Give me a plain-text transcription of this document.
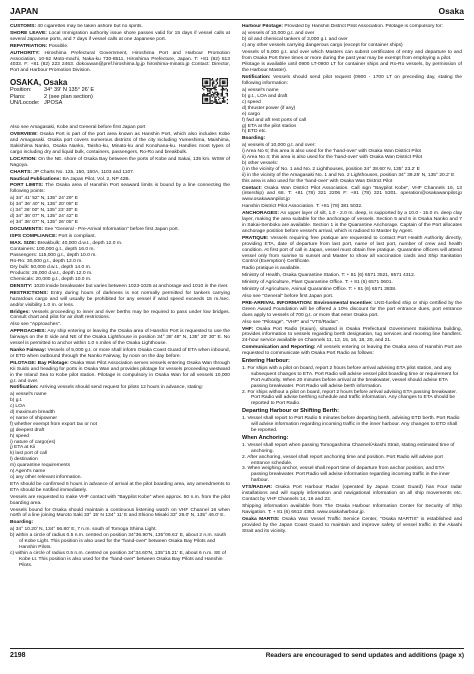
JAPAN	Osaka

CUSTOMS: 40 cigarettes may be taken ashore but no spirits.

SHORE LEAVE: Local Immigration authority issue shore passes valid for 15 days if vessel calls at several Japanese ports, and 7 days if vessel calls at one Japanese port.

REPATRIATION: Possible.

AUTHORITY: Hiroshima Prefectural Government, Hiroshima Port and Harbour Promotion Association, 10-52 Moto-machi, Naka-ku 730-8511, Hiroshima Prefecture, Japan. T: +81 (82) 513 4033. F: +81 (82) 223 2463. dokouwan@pref.hiroshima.lg.jp hiroshima-minato.jp Contact: Director, Port and Harbour Promotion Division.

OSAKA, Osaka
Position: 34° 39' N 135° 26' E
Plans:	2 (see plan section)
UN/Locode: JPOSA

Also see Amagasaki, Kobe and General before first Japan port

OVERVIEW: Osaka Port is part of the port area known as Hanshin Port, which also includes Kobe and Amagasaki. Osaka port covers numerous districts of the city including Yumeshima, Maishima, Sakishima Nanko, Osaka Nanko, Taisho-ku, Minato-ku and Konohana-ku. Handles most types of cargo including dry and liquid bulk, containers, passengers, Ro-Ro and breakbulk.

LOCATION: On the NE. shore of Osaka Bay between the ports of Kobe and Sakai, 135 km. WSW of Nagoya.

CHARTS: JP Charts No. 125, 150, 150A, 1103 and 1107.

Nautical Publications: BA Japan Pilot, Vol. 2, NP 42B.

PORT LIMITS: The Osaka area of Hanshin Port seaward limits is bound by a line connecting the following points:

a) 34° 41' 52" N, 135° 24' 29" E
b) 34° 36' 40" N, 135° 20' 08" E
c) 34° 36' 00" N, 135° 23' 30" E
d) 34° 36' 07" N, 135° 24' 42" E
e) 34° 36' 07" N, 135° 26' 05" E

DOCUMENTS: See "General - Pre-Arrival Information" before first Japan port.

ISPS COMPLIANCE: Port is compliant.

MAX. SIZE: Breakbulk: 40,000 d.w.t., depth 12.0 m.

Containers: 100,000 g.t., depth 16.0 m.
Passengers: 115,000 g.t., depth 10.0 m.
Ro-Ro: 30,000 g.t., depth 12.0 m.
Dry bulk: 50,000 d.w.t., depth 14.0 m.
Products: 26,000 d.w.t., depth 12.0 m.
Chemicals: 20,000 g.t., depth 10.0 m.

DENSITY: 1020 inside breakwater but varies between 1023-1025 at anchorage and 1010 in the river.

RESTRICTIONS: Entry during hours of darkness is not normally permitted for tankers carrying hazardous cargo and will usually be prohibited for any vessel if wind speed exceeds 15 m./sec. and/or visibility 1.0 m. or less.

Bridges: Vessels proceeding to inner and river berths may be required to pass under low bridges. Consult chart and pilot for air draft restrictions.

Also see "Approaches".

APPROACHES: Any ship entering or leaving the Osaka area of Hanshin Port is requested to use the fairways on the E side and NE of the Osaka Lighthouse in position 34° 38' 48" N, 135° 20' 30" E. No vessel is permitted to anchor within 1.0 n.miles of the Osaka Lighthouse.

Nanko Fairway: Vessels of 5,000 g.t. or more shall inform Osaka Coast Guard of ETA when inbound, or ETD when outbound through the Nanko Fairway, by noon on the day before.

PILOTAGE: Bay Pilotage: Osaka Wan Pilot Association serves vessels entering Osaka Wan through Kii Suido and heading for ports in Osaka Wan and provides pilotage for vessels proceeding westward in the Inland Sea to Kobe pilot station. Pilotage is compulsory in Osaka Wan for all vessels 10,000 g.t. and over.

Notification: Arriving vessels should send request for pilots 12 hours in advance, stating:

a) vessel's name
b) g.t.
c) LOA
d) maximum breadth
e) name of shipowner
f) whether exempt from export tax or not
g) deepest draft
h) speed
i) nature of cargo(es)
j) ETA at Kii
k) last port of call
l) destination
m) quarantine requirements
n) Agent's name
o) any other relevant information.

ETA should be confirmed 6 hours in advance of arrival at the pilot boarding area, any amendments to ETA should be notified immediately.

Vessels are requested to make VHF contact with "Baypilot Kobe" when approx. 50 n.m. from the pilot boarding area.

Vessels bound for Osaka should maintain a continuous listening watch on VHF Channel 16 when north of a line joining Muroto Saki 33° 15' N 134° 11' E and Shiono Misaki 33° 26.0' N, 135° 46.0' E.

Boarding:

a) 34° 10.20' N, 134° 56.80' E, 7 n.m. south of Tomoga Shima Light.
b) within a circle of radius 0.5 n.m. centred on position 34°36.90'N, 135°09.61' E, about 2 n.m. south of Kobe Light. This position is also used for the "hand-over" between Osaka Bay Pilots and Hanshin Pilots.
c) within a circle of radius 0.5 n.m. centred on position 34°34.60'N, 135°15.21' E, about 6 n.m. SE of Kobe Lt. This position is also used for the "hand-over" between Osaka Bay Pilots and Hanshin Pilots.

Harbour Pilotage: Provided by Hanshin District Pilot Association. Pilotage is compulsory for:

a) vessels of 10,000 g.t. and over
b) oil and chemical tankers of 3,000 g.t. and over
c) any other vessels carrying dangerous cargo (except for container ships)

Vessels of 5,000 g.t. and over which Masters can submit certificates of entry and departure to and from Osaka Port three times or more during the past year may be exempt from employing a pilot.

Pilotage is available until 0900 LT-0900 LT for container ships and Ro-Ro vessels, by permission of the Harbour Master).

Notification: Vessels should send pilot request (0900 - 1700 LT on preceding day, stating the following information:

a) vessel's name
b) g.t., LOA and draft
c) speed
d) thruster power (if any)
e) cargo
f) fwd and aft rest ports of call
g) ETA at the pilot station
h) ETD etc.

Boarding:

a) vessels of 10,000 g.t. and over:
i) Area No 6; this area is also used for the 'hand-over' with Osaka Wan District Pilot
ii) Area No 4; this area is also used for the 'hand-over' with Osaka Wan District Pilot
b) other vessels:
i) in the vicinity of No. 1 and No. 2 Lighthouses, position 34° 38.60' N, 135° 23.2' E
ii) in the vicinity of the Amagasaki No. 1 and No. 2 Lighthouses, position 34° 39.25' N, 135° 20.2' E
this area is also used for the 'hand-over' with Osaka Wan District Pilot

Contact: Osaka Wan District Pilot Association. Call sign "Baypilot Kobe", VHF Channels 16, 13 (intership) and 68. T: +81 (78) 321 2206 F: +81 (78) 321 5301. operation@osakawanpilot.jp www.osakawanpilot.jp

Hanshin District Pilot Association. T: +81 (78) 381 5032.

ANCHORAGES: An upper layer of silt, 1.0 - 2.0 m. deep, is supported by a 10.0 - 15.0 m. deep clay layer, making the area suitable for the anchorage of vessels. Section 5 and 6 in Osaka Nanko and 7 in Sakai-Senboku are available. Section 1 is the Quarantine Anchorage. Captain of the Port allocates anchorage position before vessel's arrival, which is radioed to Master by Agent.

PRATIQUE: Vessels requiring free pratique are requested to contact Port Health Authority directly, providing ETA, date of departure from last port, name of last port, number of crew and health condition. At first port of call in Japan, vessel must obtain free pratique. Quarantine officers will attend vessel only from sunrise to sunset and Master to show all vaccination cards and Ship Sanitation Control (Exemption) Certificate.

Radio pratique is available.

Ministry of Health, Osaka Quarantine Station. T: + 81 (6) 6571 3521, 6571 4312.

Ministry of Agriculture, Plant Quarantine Office. T: + 81 (6) 6571 0601.

Ministry of Agriculture, Animal Quarantine Office. T: + 81 (6) 6571 3838.

Also see "General" before first Japan port.

PRE-ARRIVAL INFORMATION: Environmental Incentive: LNG-fuelled ship or ship certified by the Green Award Foundation will be offered a 10% discount for the port entrance dues, port entrance dues apply to vessels of 700 g.t. or more that enter Osaka port.

Also see "Pilotage", "VHF" and "VTS/Radar".

VHF: Osaka Port Radio (Kaiun), situated in Osaka Prefectural Government Sakishima building, provides information to vessels regarding berth designation, tug services and mooring line handlers. 24-hour service available on Channels 11, 12, 15, 16, 18, 20, and 21.

Communication and Reporting: All vessels entering or leaving the Osaka area of Hanshin Port are requested to communicate with Osaka Port Radio as follows:

Entering Harbour:
1. For ships with a pilot on board, report 2 hours before arrival advising ETA pilot station, and any subsequent changes to ETA. Port Radio will advise vessel pilot boarding time or requirement for Port Authority. When 20 minutes before arrival at the breakwater, vessel should advise ETA passing breakwater. Port Radio will advise berth information.
2. For ships without a pilot on board, report 2 hours before arrival advising ETA passing breakwater. Port Radio will advise berthing schedule and traffic information. Any changes to ETA should be reported to Port Radio.
Departing Harbour or Shifting Berth:
1. Vessel shall report to Port Radio 5 minutes before departing berth, advising ETD berth. Port Radio will advise information regarding incoming traffic in the inner harbour. Any changes to ETD shall be reported.
When Anchoring:
1. Vessel shall report when passing Tomogashima Channel/Akashi Strait, stating estimated time of anchoring.
2. After anchoring, vessel shall report anchoring time and position. Port Radio will advise port entrance schedule.
3. When weighing anchor, vessel shall report time of departure from anchor position, and ETA passing breakwater. Port Radio will advise information regarding incoming traffic in the inner harbour.

VTS/RADAR: Osaka Port Harbour Radar (operated by Japan Coast Guard) has Four radar installations and will supply information and navigational information on all ship movements etc. Contact by VHF Channels 14, 16 and 22.

Shipping information available from The Osaka Harbour Information Center for Security of Ship Navigation. T: + 81 (6) 6612 4363. www.osakaharbour.jp.

Osaka MARTIS: Osaka Wan Vessel Traffic Service Center, "Osaka MARTIS" is established and provided by the Japan Coast Guard to maintain and improve safety of vessel traffic in the Akashi Strait and its vicinity.

2198	Readers are encouraged to send updates and additions (page x)
